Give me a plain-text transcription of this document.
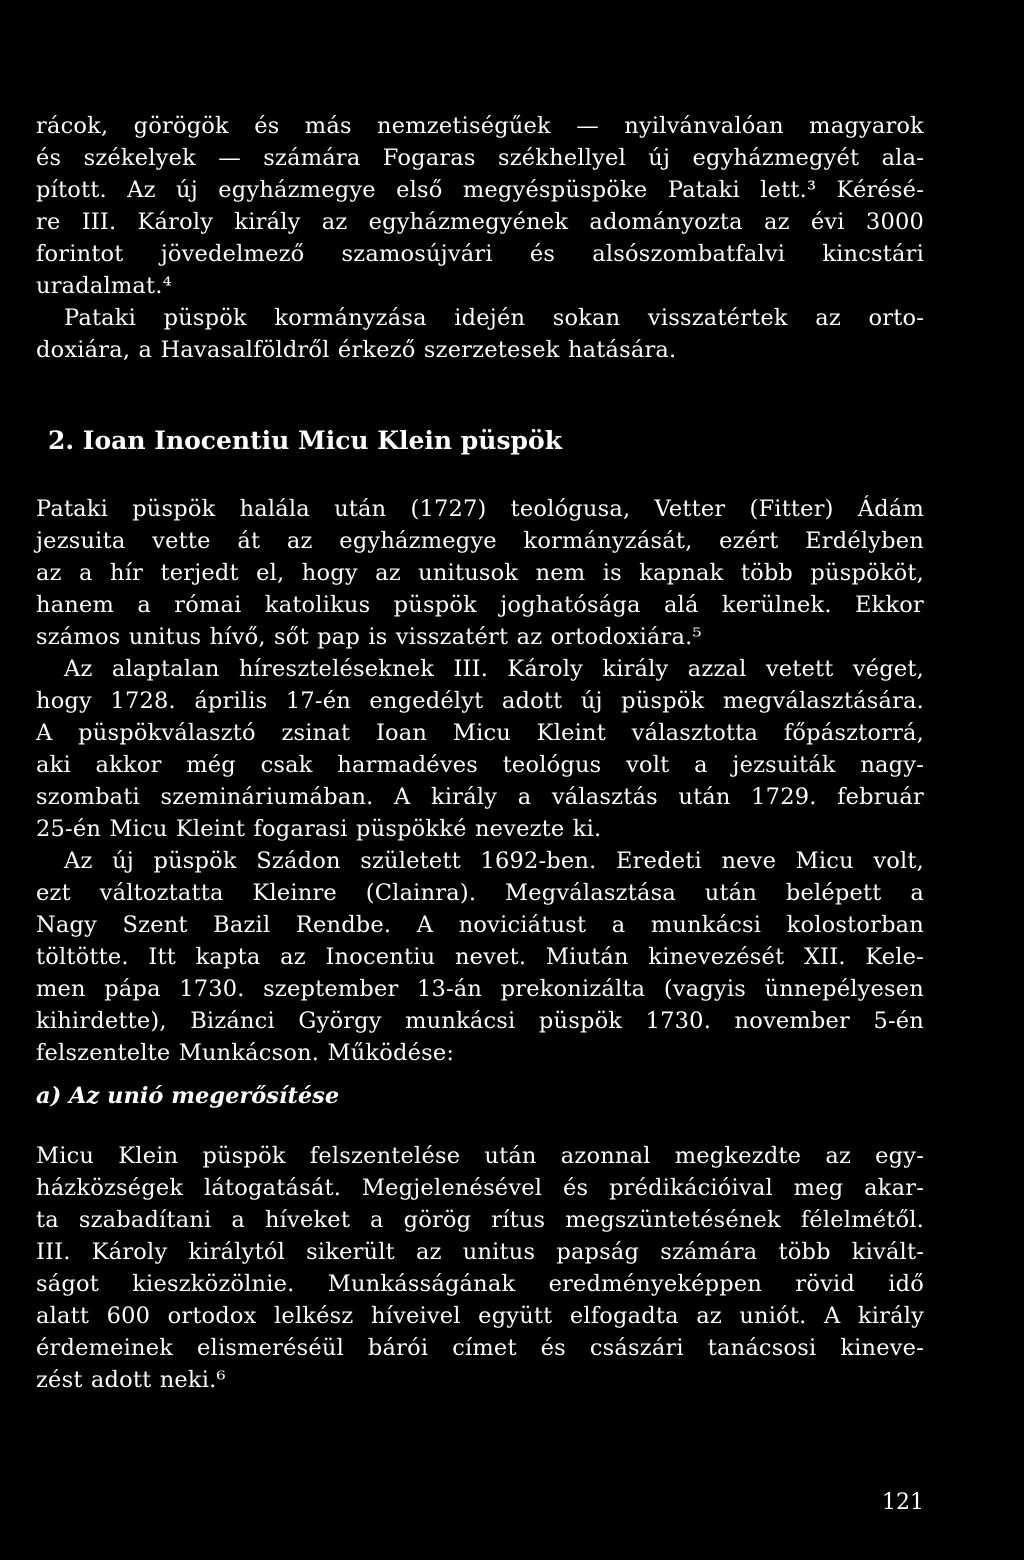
rácok, görögök és más nemzetiségűek — nyilvánvalóan magyarok

és székelyek — számára Fogaras székhellyel új egyházmegyét ala-

pított. Az új egyházmegye első megyéspüspöke Pataki lett.³ Kérésé-

re III. Károly király az egyházmegyének adományozta az évi 3000

forintot jövedelmező szamosújvári és alsószombatfalvi kincstári

uradalmat.⁴

Pataki püspök kormányzása idején sokan visszatértek az orto-

doxiára, a Havasalföldről érkező szerzetesek hatására.

2. Ioan Inocentiu Micu Klein püspök

Pataki püspök halála után (1727) teológusa, Vetter (Fitter) Ádám

jezsuita vette át az egyházmegye kormányzását, ezért Erdélyben

az a hír terjedt el, hogy az unitusok nem is kapnak több püspököt,

hanem a római katolikus püspök joghatósága alá kerülnek. Ekkor

számos unitus hívő, sőt pap is visszatért az ortodoxiára.⁵

Az alaptalan híreszteléseknek III. Károly király azzal vetett véget,

hogy 1728. április 17-én engedélyt adott új püspök megválasztására.

A püspökválasztó zsinat Ioan Micu Kleint választotta főpásztorrá,

aki akkor még csak harmadéves teológus volt a jezsuiták nagy-

szombati szemináriumában. A király a választás után 1729. február

25-én Micu Kleint fogarasi püspökké nevezte ki.

Az új püspök Szádon született 1692-ben. Eredeti neve Micu volt,

ezt változtatta Kleinre (Clainra). Megválasztása után belépett a

Nagy Szent Bazil Rendbe. A noviciátust a munkácsi kolostorban

töltötte. Itt kapta az Inocentiu nevet. Miután kinevezését XII. Kele-

men pápa 1730. szeptember 13-án prekonizálta (vagyis ünnepélyesen

kihirdette), Bizánci György munkácsi püspök 1730. november 5-én

felszentelte Munkácson. Működése:

a) Az unió megerősítése

Micu Klein püspök felszentelése után azonnal megkezdte az egy-

házközségek látogatását. Megjelenésével és prédikációival meg akar-

ta szabadítani a híveket a görög rítus megszüntetésének félelmétől.

III. Károly királytól sikerült az unitus papság számára több kivált-

ságot kieszközölnie. Munkásságának eredményeképpen rövid idő

alatt 600 ortodox lelkész híveivel együtt elfogadta az uniót. A király

érdemeinek elismeréséül bárói címet és császári tanácsosi kineve-

zést adott neki.⁶

121
